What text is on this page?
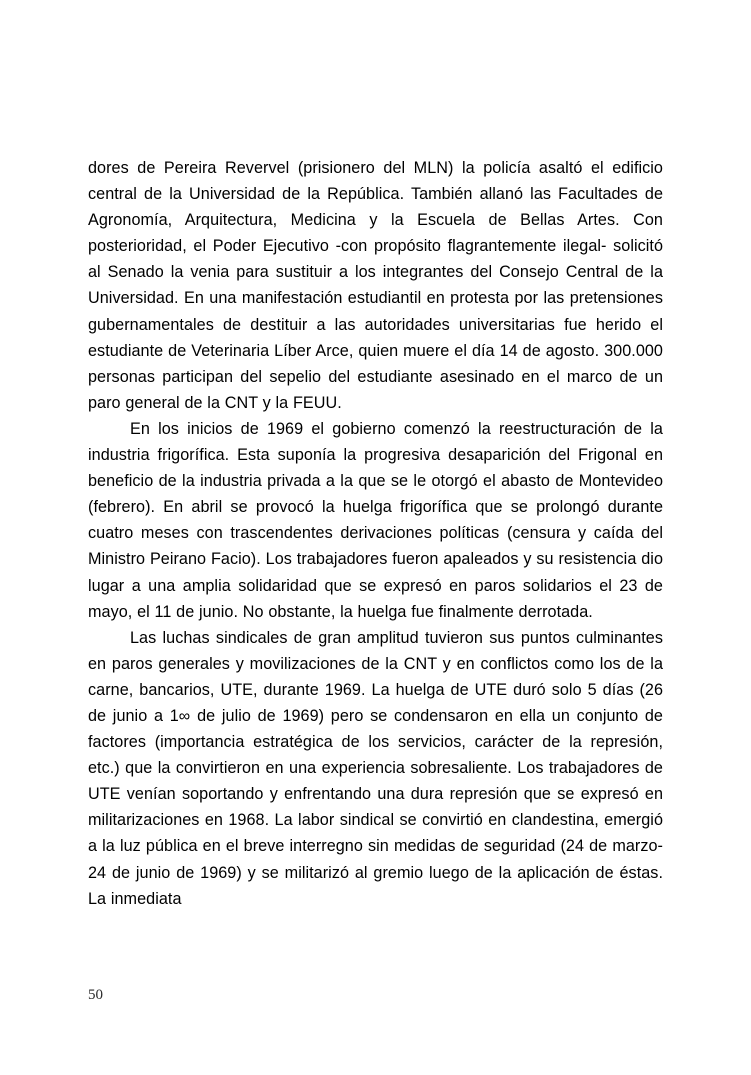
dores de Pereira Revervel (prisionero del MLN) la policía asaltó el edificio central de la Universidad de la República. También allanó las Facultades de Agronomía, Arquitectura, Medicina y la Escuela de Bellas Artes. Con posterioridad, el Poder Ejecutivo -con propósito flagrantemente ilegal- solicitó al Senado la venia para sustituir a los integrantes del Consejo Central de la Universidad. En una manifestación estudiantil en protesta por las pretensiones gubernamentales de destituir a las autoridades universitarias fue herido el estudiante de Veterinaria Líber Arce, quien muere el día 14 de agosto. 300.000 personas participan del sepelio del estudiante asesinado en el marco de un paro general de la CNT y la FEUU.

En los inicios de 1969 el gobierno comenzó la reestructuración de la industria frigorífica. Esta suponía la progresiva desaparición del Frigonal en beneficio de la industria privada a la que se le otorgó el abasto de Montevideo (febrero). En abril se provocó la huelga frigorífica que se prolongó durante cuatro meses con trascendentes derivaciones políticas (censura y caída del Ministro Peirano Facio). Los trabajadores fueron apaleados y su resistencia dio lugar a una amplia solidaridad que se expresó en paros solidarios el 23 de mayo, el 11 de junio. No obstante, la huelga fue finalmente derrotada.

Las luchas sindicales de gran amplitud tuvieron sus puntos culminantes en paros generales y movilizaciones de la CNT y en conflictos como los de la carne, bancarios, UTE, durante 1969. La huelga de UTE duró solo 5 días (26 de junio a 1∞ de julio de 1969) pero se condensaron en ella un conjunto de factores (importancia estratégica de los servicios, carácter de la represión, etc.) que la convirtieron en una experiencia sobresaliente. Los trabajadores de UTE venían soportando y enfrentando una dura represión que se expresó en militarizaciones en 1968. La labor sindical se convirtió en clandestina, emergió a la luz pública en el breve interregno sin medidas de seguridad (24 de marzo-24 de junio de 1969) y se militarizó al gremio luego de la aplicación de éstas. La inmediata

50
